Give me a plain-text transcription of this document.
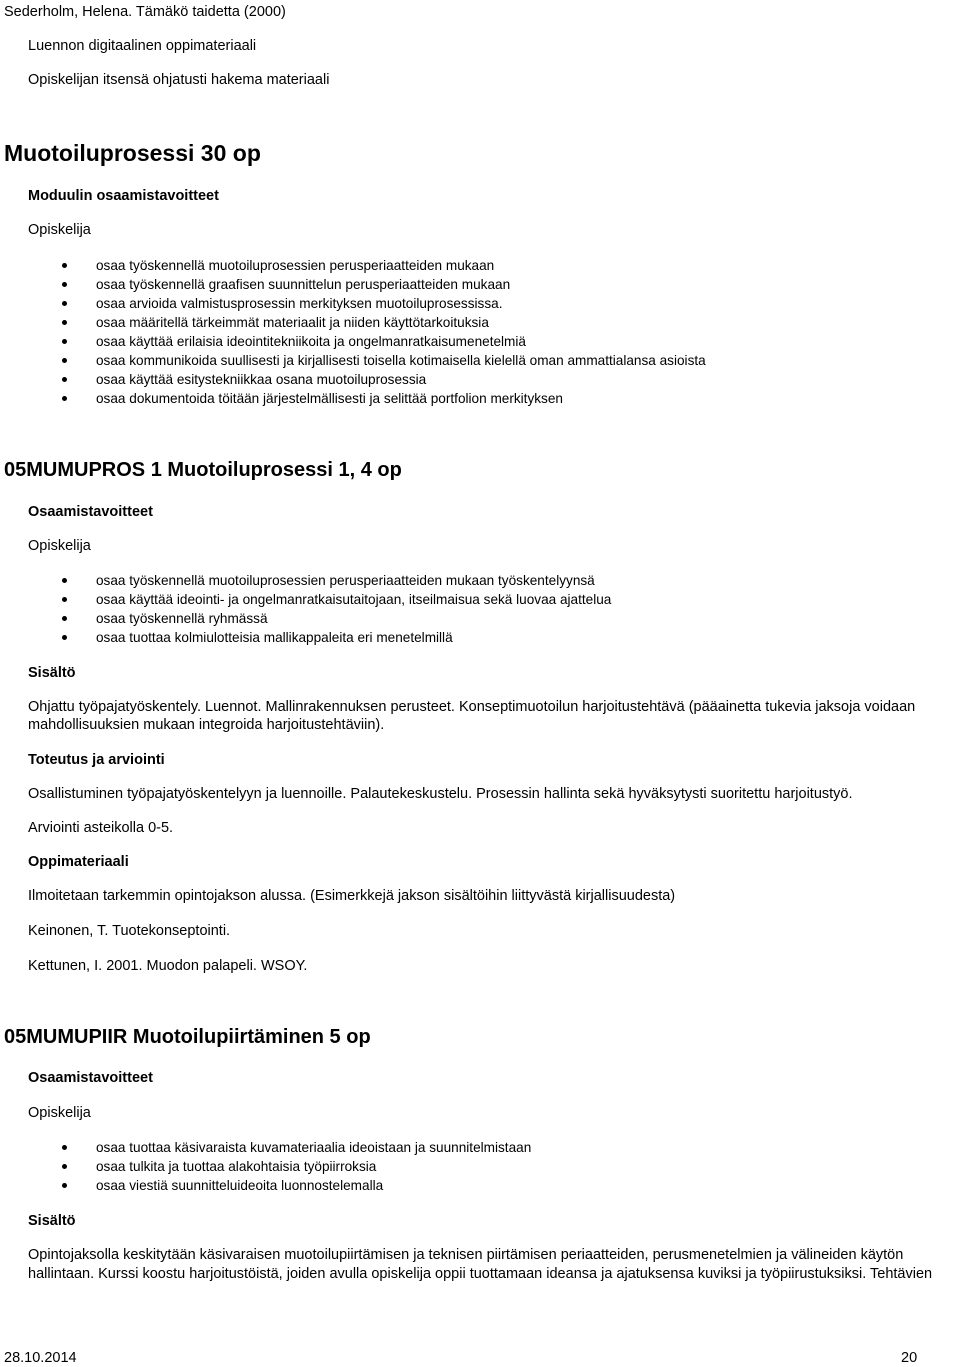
Sederholm, Helena. Tämäkö taidetta (2000)

Luennon digitaalinen oppimateriaali

Opiskelijan itsensä ohjatusti hakema materiaali

Muotoiluprosessi 30 op
Moduulin osaamistavoitteet

Opiskelija

osaa työskennellä muotoiluprosessien perusperiaatteiden mukaan
osaa työskennellä graafisen suunnittelun perusperiaatteiden mukaan
osaa arvioida valmistusprosessin merkityksen muotoiluprosessissa.
osaa määritellä tärkeimmät materiaalit ja niiden käyttötarkoituksia
osaa käyttää erilaisia ideointitekniikoita ja ongelmanratkaisumenetelmiä
osaa kommunikoida suullisesti ja kirjallisesti toisella kotimaisella kielellä oman ammattialansa asioista
osaa käyttää esitystekniikkaa osana muotoiluprosessia
osaa dokumentoida töitään järjestelmällisesti ja selittää portfolion merkityksen
05MUMUPROS 1 Muotoiluprosessi 1, 4 op
Osaamistavoitteet

Opiskelija

osaa työskennellä muotoiluprosessien perusperiaatteiden mukaan työskentelyynsä
osaa käyttää ideointi- ja ongelmanratkaisutaitojaan, itseilmaisua sekä luovaa ajattelua
osaa työskennellä ryhmässä
osaa tuottaa kolmiulotteisia mallikappaleita eri menetelmillä
Sisältö

Ohjattu työpajatyöskentely. Luennot. Mallinrakennuksen perusteet. Konseptimuotoilun harjoitustehtävä (pääainetta tukevia jaksoja voidaan mahdollisuuksien mukaan integroida harjoitustehtäviin).

Toteutus ja arviointi

Osallistuminen työpajatyöskentelyyn ja luennoille. Palautekeskustelu. Prosessin hallinta sekä hyväksytysti suoritettu harjoitustyö.

Arviointi asteikolla 0-5.

Oppimateriaali

Ilmoitetaan tarkemmin opintojakson alussa. (Esimerkkejä jakson sisältöihin liittyvästä kirjallisuudesta)

Keinonen, T. Tuotekonseptointi.

Kettunen, I. 2001. Muodon palapeli. WSOY.

05MUMUPIIR Muotoilupiirtäminen 5 op
Osaamistavoitteet

Opiskelija

osaa tuottaa käsivaraista kuvamateriaalia ideoistaan ja suunnitelmistaan
osaa tulkita ja tuottaa alakohtaisia työpiirroksia
osaa viestiä suunnitteluideoita luonnostelemalla
Sisältö

Opintojaksolla keskitytään käsivaraisen muotoilupiirtämisen ja teknisen piirtämisen periaatteiden, perusmenetelmien ja välineiden käytön

hallintaan. Kurssi koostu harjoitustöistä, joiden avulla opiskelija oppii tuottamaan ideansa ja ajatuksensa kuviksi ja työpiirustuksiksi. Tehtävien

28.10.2014	20
